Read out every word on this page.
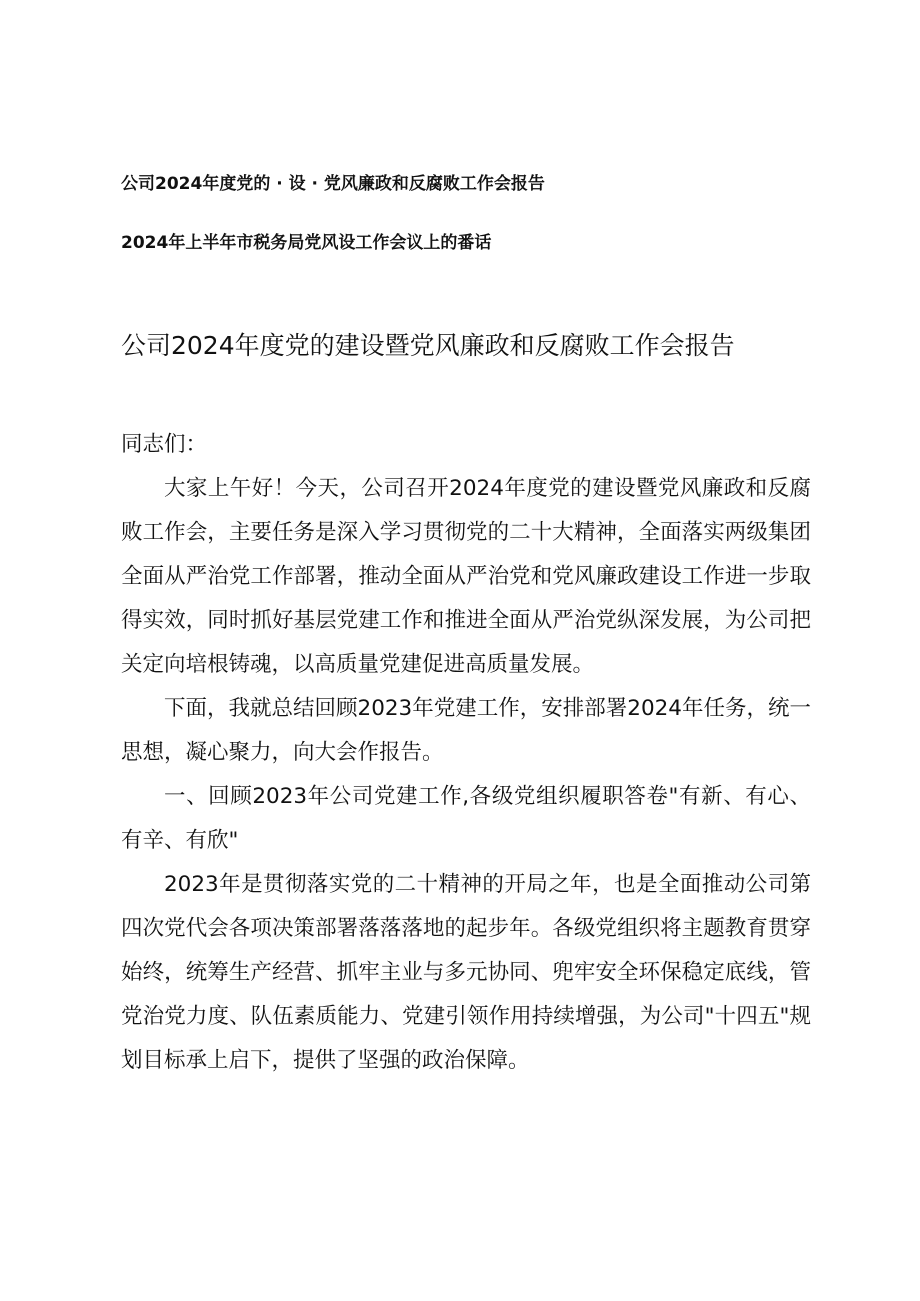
公司2024年度党的 · 设 · 党风廉政和反腐败工作会报告
2024年上半年市税务局党风设工作会议上的番话
公司2024年度党的建设暨党风廉政和反腐败工作会报告

同志们：

大家上午好！今天，公司召开2024年度党的建设暨党风廉政和反腐败工作会，主要任务是深入学习贯彻党的二十大精神，全面落实两级集团全面从严治党工作部署，推动全面从严治党和党风廉政建设工作进一步取得实效，同时抓好基层党建工作和推进全面从严治党纵深发展，为公司把关定向培根铸魂，以高质量党建促进高质量发展。

下面，我就总结回顾2023年党建工作，安排部署2024年任务，统一思想，凝心聚力，向大会作报告。

一、回顾2023年公司党建工作,各级党组织履职答卷"有新、有心、有辛、有欣"

2023年是贯彻落实党的二十精神的开局之年，也是全面推动公司第四次党代会各项决策部署落落落地的起步年。各级党组织将主题教育贯穿始终，统筹生产经营、抓牢主业与多元协同、兜牢安全环保稳定底线，管党治党力度、队伍素质能力、党建引领作用持续增强，为公司"十四五"规划目标承上启下，提供了坚强的政治保障。
